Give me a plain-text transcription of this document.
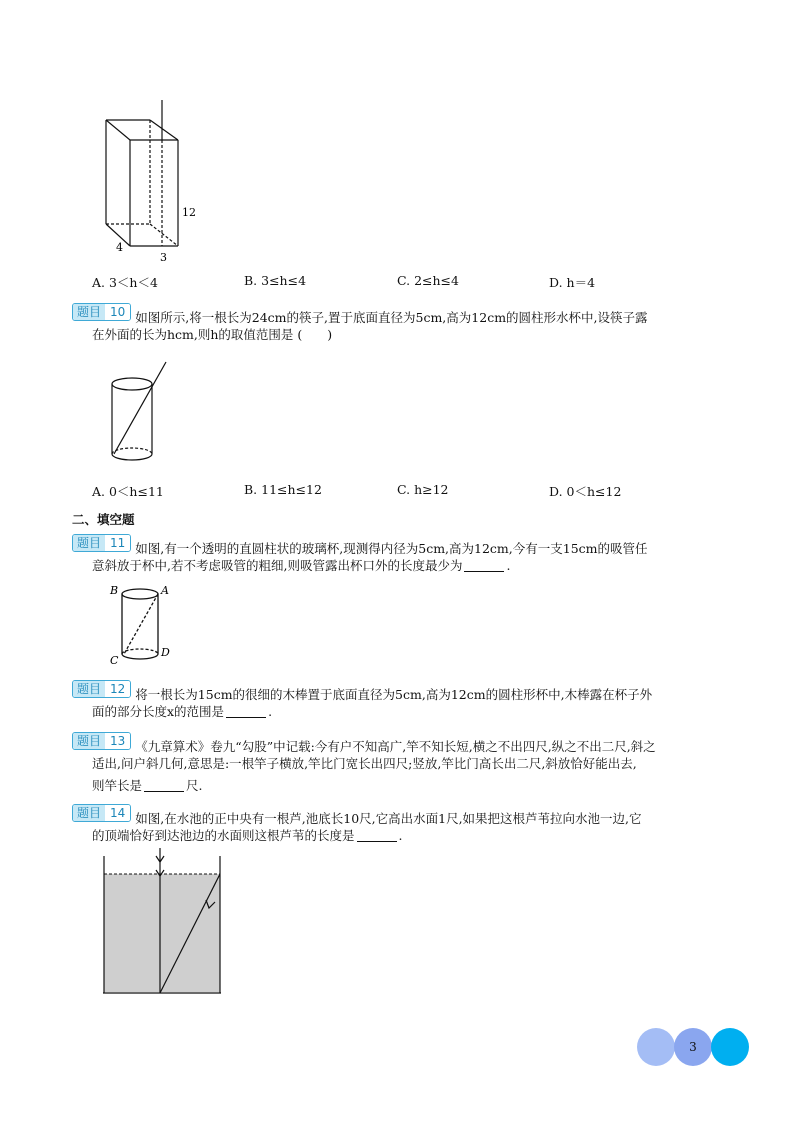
12
4
3
A. 3＜h＜4	B. 3≤h≤4	C. 2≤h≤4	D. h＝4
题目 10 如图所示,将一根长为24cm的筷子,置于底面直径为5cm,高为12cm的圆柱形水杯中,设筷子露
在外面的长为hcm,则h的取值范围是 (　　)
A. 0＜h≤11	B. 11≤h≤12	C. h≥12	D. 0＜h≤12
二、填空题
题目 11 如图,有一个透明的直圆柱状的玻璃杯,现测得内径为5cm,高为12cm,今有一支15cm的吸管任
意斜放于杯中,若不考虑吸管的粗细,则吸管露出杯口外的长度最少为	.
B	A
C
D
题目 12 将一根长为15cm的很细的木棒置于底面直径为5cm,高为12cm的圆柱形杯中,木棒露在杯子外
面的部分长度x的范围是	.
题目 13 《九章算术》卷九“勾股”中记载:今有户不知高广,竿不知长短,横之不出四尺,纵之不出二尺,斜之
适出,问户斜几何,意思是:一根竿子横放,竿比门宽长出四尺;竖放,竿比门高长出二尺,斜放恰好能出去,
则竿长是	尺.
题目 14 如图,在水池的正中央有一根芦,池底长10尺,它高出水面1尺,如果把这根芦苇拉向水池一边,它
的顶端恰好到达池边的水面则这根芦苇的长度是	.
3
